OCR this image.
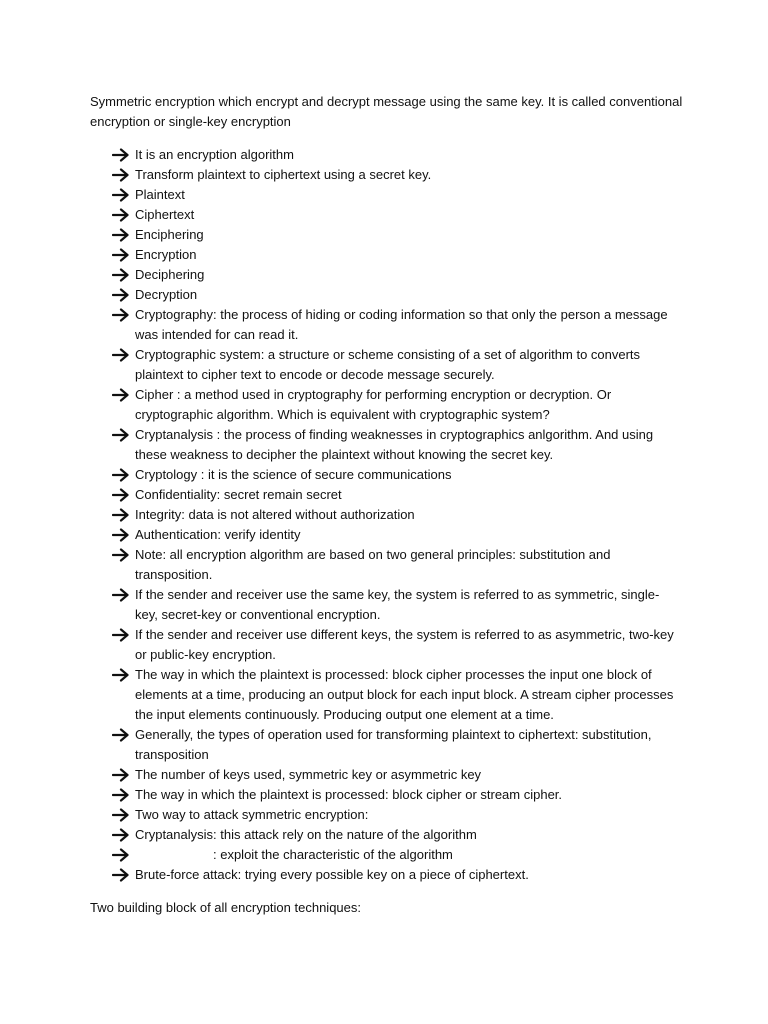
Symmetric encryption which encrypt and decrypt message using the same key. It is called conventional encryption or single-key encryption

It is an encryption algorithm
Transform plaintext to ciphertext using a secret key.
Plaintext
Ciphertext
Enciphering
Encryption
Deciphering
Decryption
Cryptography: the process of hiding or coding information so that only the person a message was intended for can read it.
Cryptographic system: a structure or scheme consisting of a set of algorithm to converts plaintext to cipher text to encode or decode message securely.
Cipher : a method used in cryptography for performing encryption or decryption. Or cryptographic algorithm. Which is equivalent with cryptographic system?
Cryptanalysis : the process of finding weaknesses in cryptographics anlgorithm. And using these weakness to decipher the plaintext without knowing the secret key.
Cryptology : it is the science of secure communications
Confidentiality: secret remain secret
Integrity: data is not altered without authorization
Authentication: verify identity
Note: all encryption algorithm are based on two general principles: substitution and transposition.
If the sender and receiver use the same key, the system is referred to as symmetric, single-key, secret-key or conventional encryption.
If the sender and receiver use different keys, the system is referred to as asymmetric, two-key or public-key encryption.
The way in which the plaintext is processed: block cipher processes the input one block of elements at a time, producing an output block for each input block. A stream cipher processes the input elements continuously. Producing output one element at a time.
Generally, the types of operation used for transforming plaintext to ciphertext: substitution, transposition
The number of keys used, symmetric key or asymmetric key
The way in which the plaintext is processed: block cipher or stream cipher.
Two way to attack symmetric encryption:
Cryptanalysis: this attack rely on the nature of the algorithm
: exploit the characteristic of the algorithm
Brute-force attack: trying every possible key on a piece of ciphertext.

Two building block of all encryption techniques:
